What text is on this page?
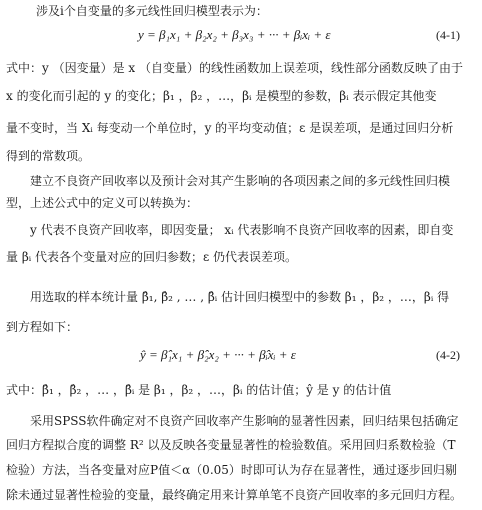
涉及i个自变量的多元线性回归模型表示为：
y = β₁x₁ + β₂x₂ + β₃x₃ + ··· + βᵢxᵢ + ε	(4-1)
式中：y （因变量）是 x （自变量）的线性函数加上误差项，线性部分函数反映了由于
x 的变化而引起的 y 的变化；β₁ ，β₂ ，…，βᵢ 是模型的参数，βᵢ 表示假定其他变
量不变时，当 Xᵢ 每变动一个单位时，y 的平均变动值；ε 是误差项，是通过回归分析
得到的常数项。
建立不良资产回收率以及预计会对其产生影响的各项因素之间的多元线性回归模
型，上述公式中的定义可以转换为：
y 代表不良资产回收率，即因变量； xᵢ 代表影响不良资产回收率的因素，即自变
量 βᵢ 代表各个变量对应的回归参数；ε 仍代表误差项。
用选取的样本统计量 β̂₁, β̂₂ , … , β̂ᵢ 估计回归模型中的参数 β₁ ，β₂ ，…，βᵢ 得
到方程如下：
ŷ = β̂₁x₁ + β̂₂x₂ + ··· + β̂ᵢxᵢ + ε	(4-2)
式中：β̂₁ ，β̂₂ ，… ，β̂ᵢ 是 β₁ ，β₂ ，…，βᵢ 的估计值；ŷ 是 y 的估计值
采用SPSS软件确定对不良资产回收率产生影响的显著性因素，回归结果包括确定
回归方程拟合度的调整 R² 以及反映各变量显著性的检验数值。采用回归系数检验（T
检验）方法，当各变量对应P值＜α（0.05）时即可认为存在显著性，通过逐步回归剔
除未通过显著性检验的变量，最终确定用来计算单笔不良资产回收率的多元回归方程。
